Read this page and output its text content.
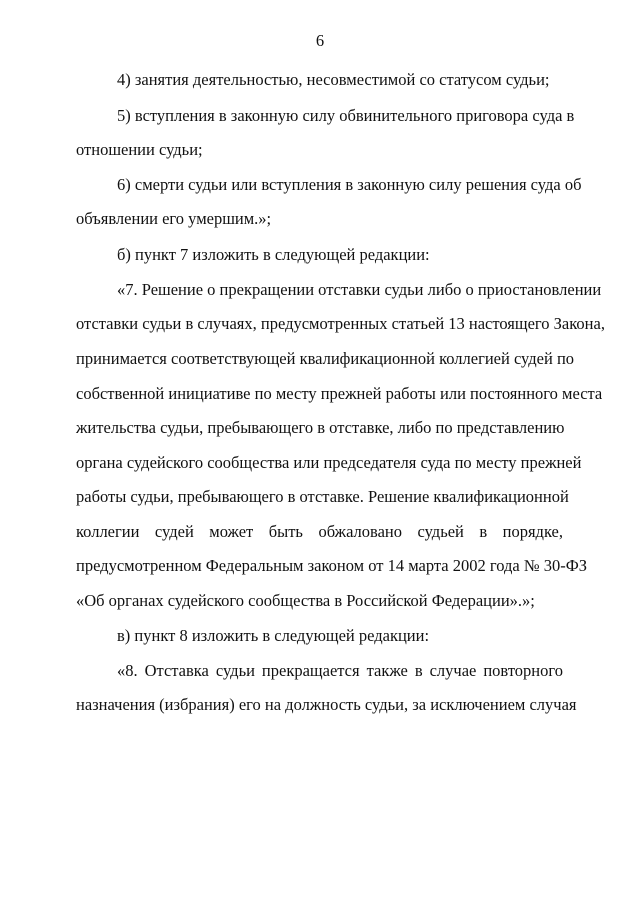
6
4) занятия деятельностью, несовместимой со статусом судьи;
5) вступления в законную силу обвинительного приговора суда в
отношении судьи;
6) смерти судьи или вступления в законную силу решения суда об
объявлении его умершим.»;
б) пункт 7 изложить в следующей редакции:
«7. Решение о прекращении отставки судьи либо о приостановлении
отставки судьи в случаях, предусмотренных статьей 13 настоящего Закона,
принимается соответствующей квалификационной коллегией судей по
собственной инициативе по месту прежней работы или постоянного места
жительства судьи, пребывающего в отставке, либо по представлению
органа судейского сообщества или председателя суда по месту прежней
работы судьи, пребывающего в отставке. Решение квалификационной
коллегии судей может быть обжаловано судьей в порядке,
предусмотренном Федеральным законом от 14 марта 2002 года № 30-ФЗ
«Об органах судейского сообщества в Российской Федерации».»;
в) пункт 8 изложить в следующей редакции:
«8. Отставка судьи прекращается также в случае повторного
назначения (избрания) его на должность судьи, за исключением случая
